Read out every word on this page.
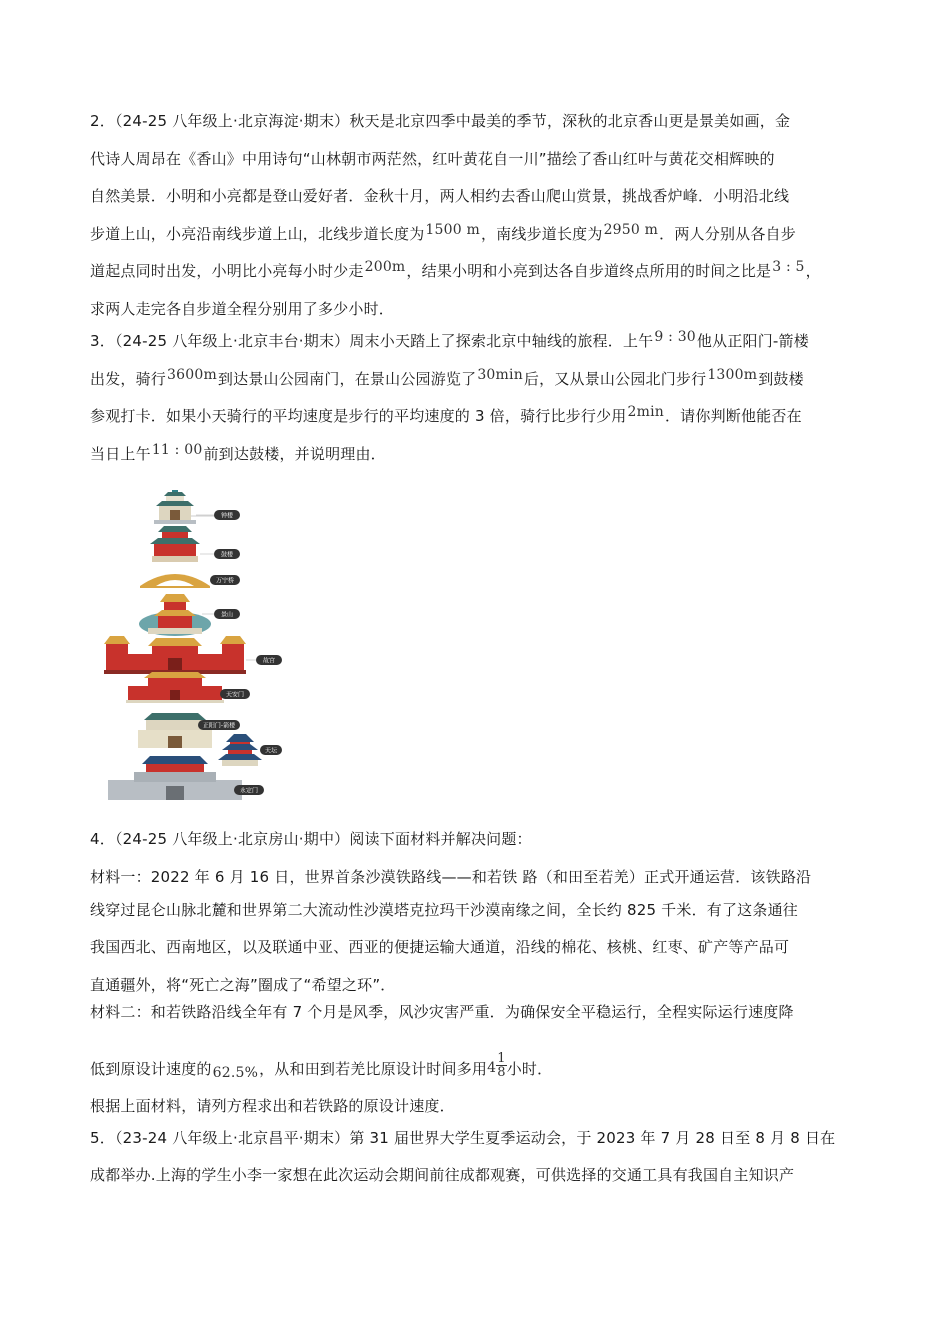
2．（24-25 八年级上·北京海淀·期末）秋天是北京四季中最美的季节，深秋的北京香山更是景美如画，金
代诗人周昂在《香山》中用诗句“山林朝市两茫然，红叶黄花自一川”描绘了香山红叶与黄花交相辉映的
自然美景．小明和小亮都是登山爱好者．金秋十月，两人相约去香山爬山赏景，挑战香炉峰．小明沿北线
步道上山，小亮沿南线步道上山，北线步道长度为1500 m，南线步道长度为2950 m．两人分别从各自步
道起点同时出发，小明比小亮每小时少走200m，结果小明和小亮到达各自步道终点所用的时间之比是3 : 5，
求两人走完各自步道全程分别用了多少小时．
3．（24-25 八年级上·北京丰台·期末）周末小天踏上了探索北京中轴线的旅程．上午9 : 30他从正阳门-箭楼
出发，骑行3600m到达景山公园南门，在景山公园游览了30min后，又从景山公园北门步行1300m到鼓楼
参观打卡．如果小天骑行的平均速度是步行的平均速度的 3 倍，骑行比步行少用2min．请你判断他能否在
当日上午11 : 00前到达鼓楼，并说明理由．
钟楼
鼓楼
万宁桥
景山
故宫
天安门
正阳门-箭楼
天坛
永定门
4．（24-25 八年级上·北京房山·期中）阅读下面材料并解决问题：
材料一：2022 年 6 月 16 日，世界首条沙漠铁路线——和若铁 路（和田至若羌）正式开通运营．该铁路沿
线穿过昆仑山脉北麓和世界第二大流动性沙漠塔克拉玛干沙漠南缘之间，全长约 825 千米．有了这条通往
我国西北、西南地区，以及联通中亚、西亚的便捷运输大通道，沿线的棉花、核桃、红枣、矿产等产品可
直通疆外，将“死亡之海”圈成了“希望之环”．
材料二：和若铁路沿线全年有 7 个月是风季，风沙灾害严重．为确保安全平稳运行，全程实际运行速度降
低到原设计速度的62.5%，从和田到若羌比原设计时间多用$4 \frac{1}{8}$ 小时．
根据上面材料，请列方程求出和若铁路的原设计速度．
5．（23-24 八年级上·北京昌平·期末）第 31 届世界大学生夏季运动会，于 2023 年 7 月 28 日至 8 月 8 日在
成都举办.上海的学生小李一家想在此次运动会期间前往成都观赛，可供选择的交通工具有我国自主知识产
